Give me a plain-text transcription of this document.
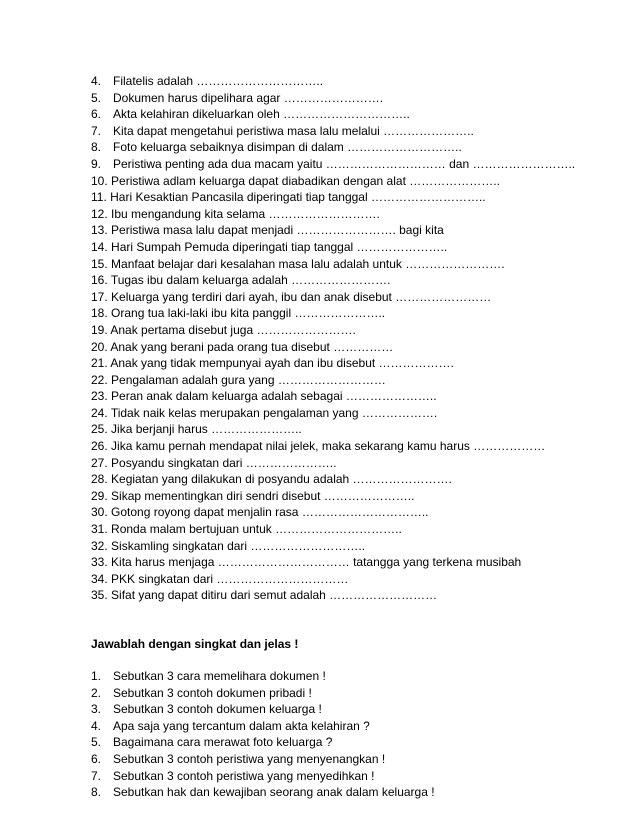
4. Filatelis adalah …………………………..
5. Dokumen harus dipelihara agar …………………….
6. Akta kelahiran dikeluarkan oleh …………………………..
7. Kita dapat mengetahui peristiwa masa lalu melalui …………………..
8. Foto keluarga sebaiknya disimpan di dalam ………………………..
9. Peristiwa penting ada dua macam yaitu ………………………… dan ……………………..
10. Peristiwa adlam keluarga dapat diabadikan dengan alat …………………..
11. Hari Kesaktian Pancasila diperingati tiap tanggal ………………………..
12. Ibu mengandung kita selama ……………………….
13. Peristiwa masa lalu dapat menjadi ……………………. bagi kita
14. Hari Sumpah Pemuda diperingati tiap tanggal …………………..
15. Manfaat belajar dari kesalahan masa lalu adalah untuk …………………….
16. Tugas ibu dalam keluarga adalah …………………….
17. Keluarga yang terdiri dari ayah, ibu dan anak disebut ……………………
18. Orang tua laki-laki ibu kita panggil …………………..
19. Anak pertama disebut juga …………………….
20. Anak yang berani pada orang tua disebut ……………
21. Anak yang tidak mempunyai ayah dan ibu disebut ……………….
22. Pengalaman adalah gura yang ………………………
23. Peran anak dalam keluarga adalah sebagai …………………..
24. Tidak naik kelas merupakan pengalaman yang ……………….
25. Jika berjanji harus …………………..
26. Jika kamu pernah mendapat nilai jelek, maka sekarang kamu harus ………………
27. Posyandu singkatan dari …………………..
28. Kegiatan yang dilakukan di posyandu adalah …………………….
29. Sikap mementingkan diri sendri disebut …………………..
30. Gotong royong dapat menjalin rasa …………………………..
31. Ronda malam bertujuan untuk …………………………..
32. Siskamling singkatan dari ………………………..
33. Kita harus menjaga …………………………… tatangga yang terkena musibah
34. PKK singkatan dari ……………………………
35. Sifat yang dapat ditiru dari semut adalah ………………………
Jawablah dengan singkat dan jelas !
1. Sebutkan 3 cara memelihara dokumen !
2. Sebutkan 3 contoh dokumen pribadi !
3. Sebutkan 3 contoh dokumen keluarga !
4. Apa saja yang tercantum dalam akta kelahiran ?
5. Bagaimana cara merawat foto keluarga ?
6. Sebutkan 3 contoh peristiwa yang menyenangkan !
7. Sebutkan 3 contoh peristiwa yang menyedihkan !
8. Sebutkan hak dan kewajiban seorang anak dalam keluarga !
